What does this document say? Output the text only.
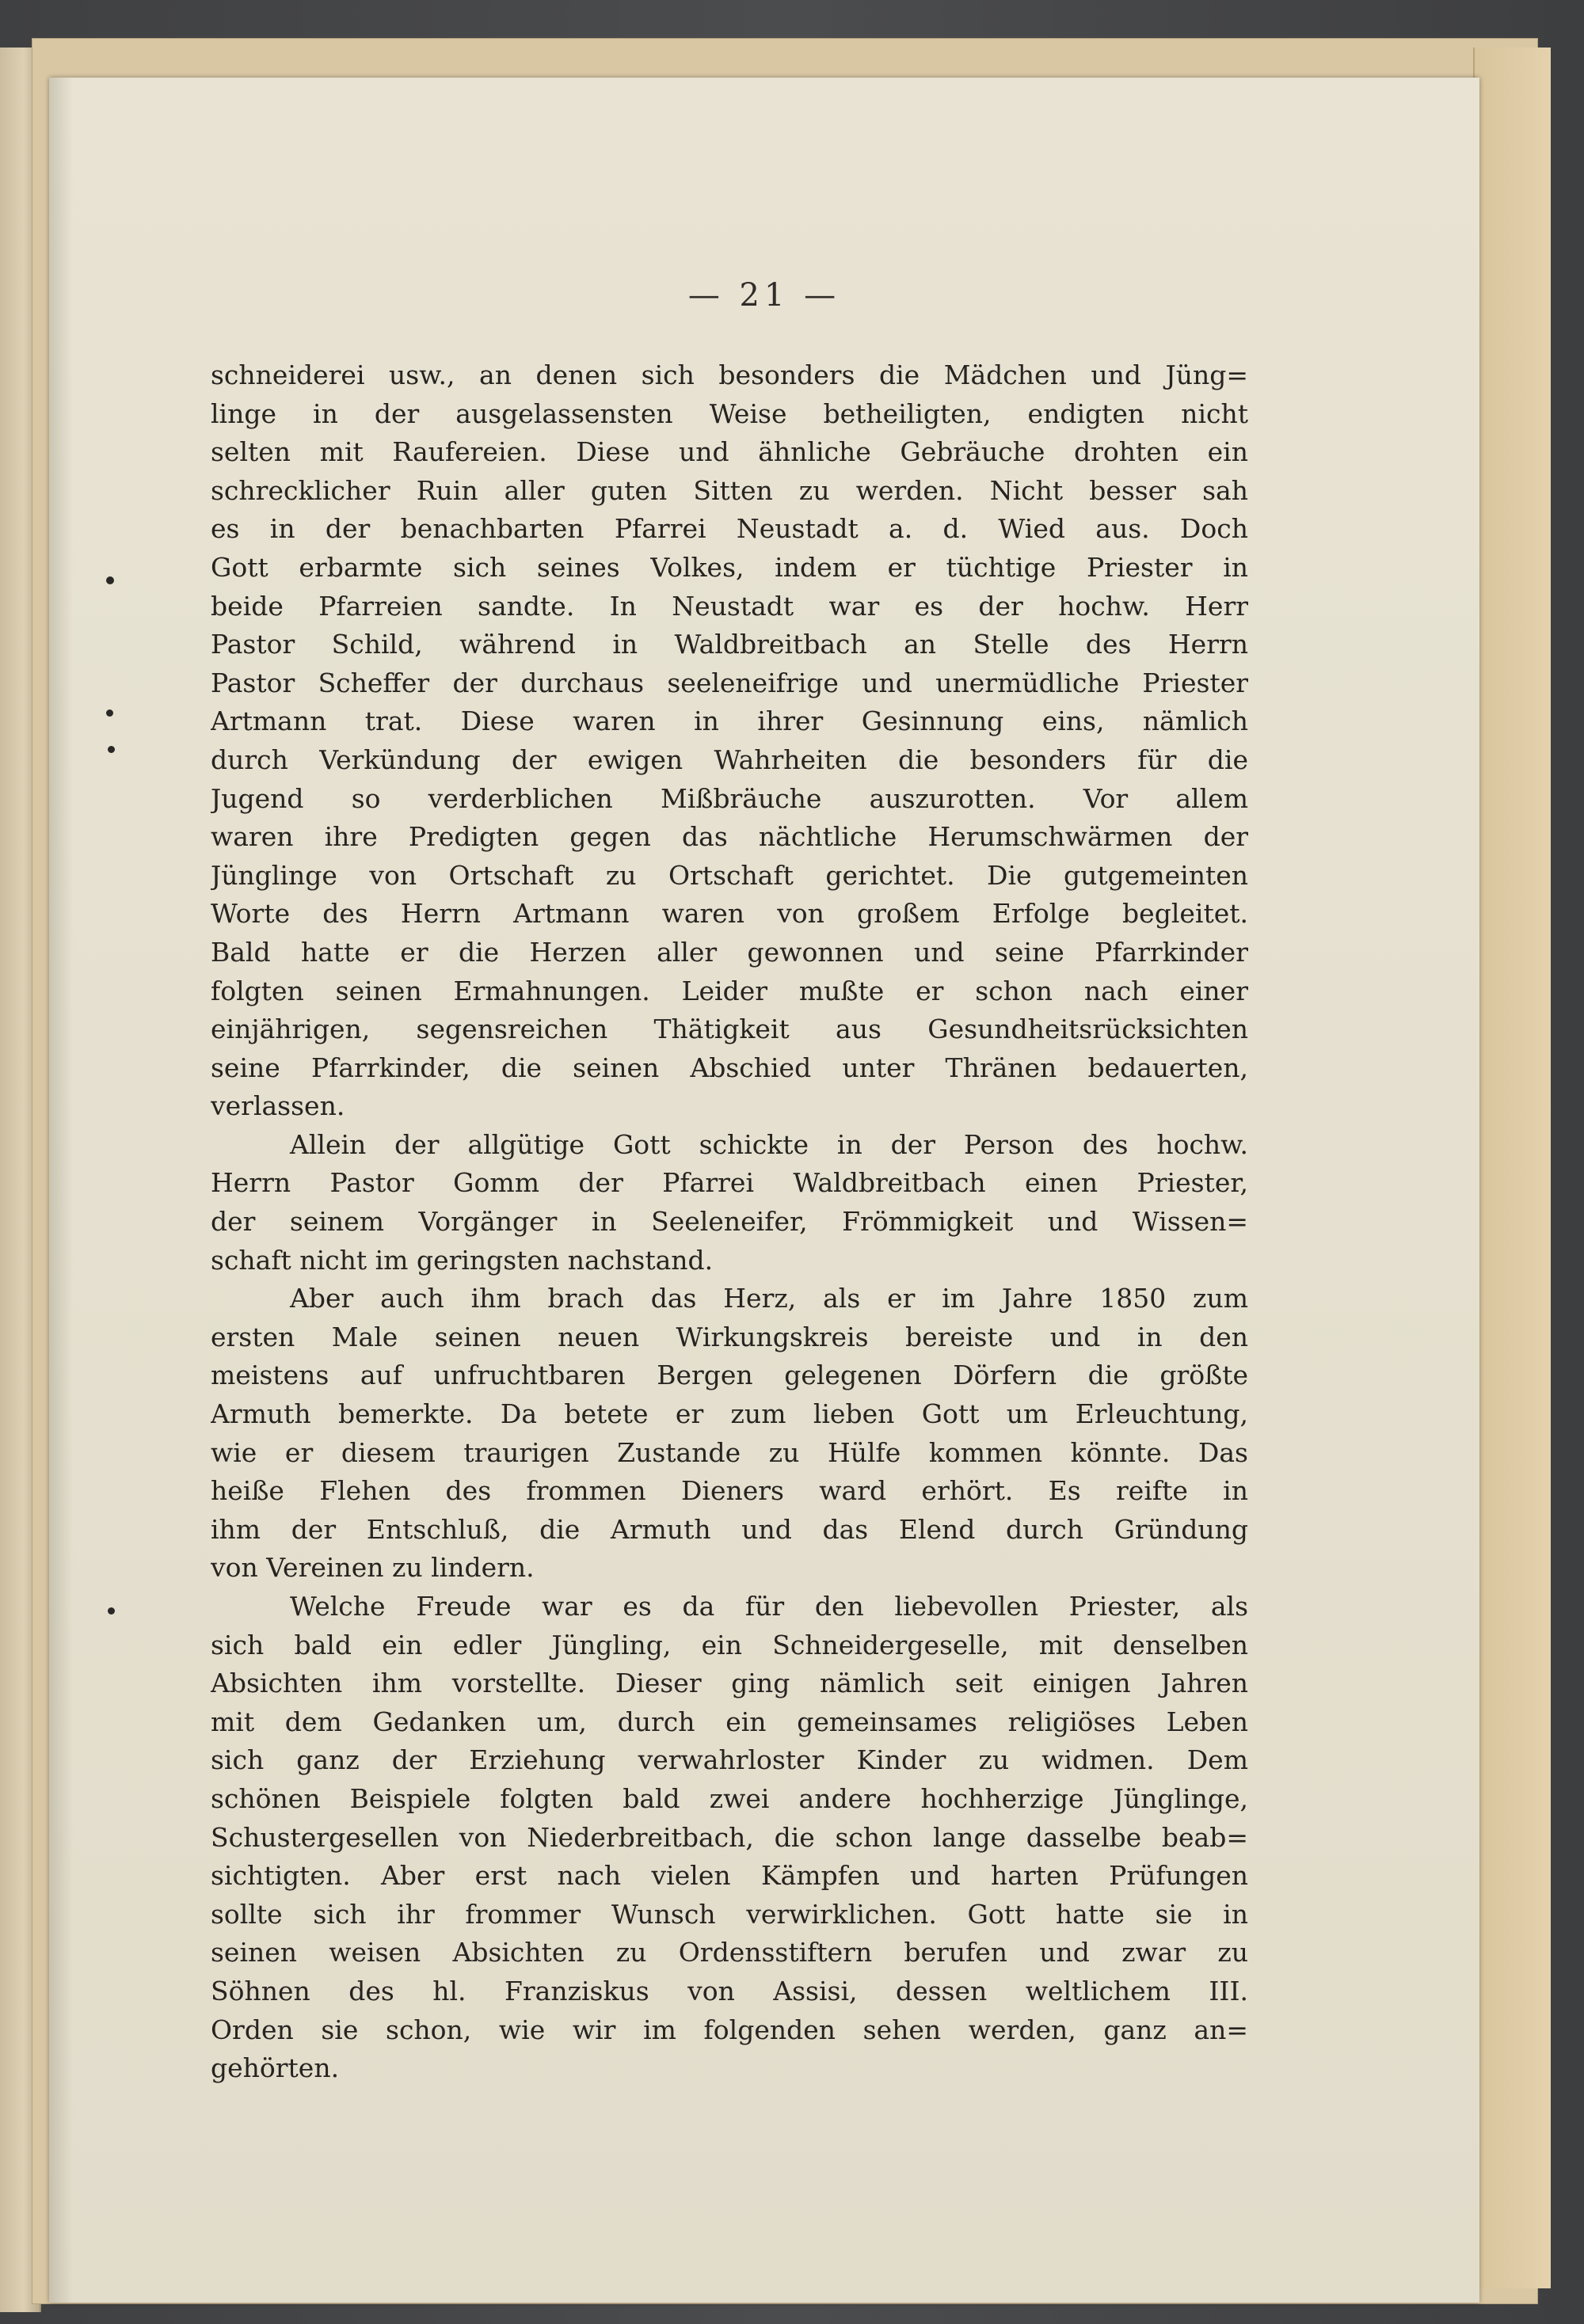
— 21 —
schneiderei usw., an denen sich besonders die Mädchen und Jüng=
linge in der ausgelassensten Weise betheiligten, endigten nicht
selten mit Raufereien. Diese und ähnliche Gebräuche drohten ein
schrecklicher Ruin aller guten Sitten zu werden. Nicht besser sah
es in der benachbarten Pfarrei Neustadt a. d. Wied aus. Doch
Gott erbarmte sich seines Volkes, indem er tüchtige Priester in
beide Pfarreien sandte. In Neustadt war es der hochw. Herr
Pastor Schild, während in Waldbreitbach an Stelle des Herrn
Pastor Scheffer der durchaus seeleneifrige und unermüdliche Priester
Artmann trat. Diese waren in ihrer Gesinnung eins, nämlich
durch Verkündung der ewigen Wahrheiten die besonders für die
Jugend so verderblichen Mißbräuche auszurotten. Vor allem
waren ihre Predigten gegen das nächtliche Herumschwärmen der
Jünglinge von Ortschaft zu Ortschaft gerichtet. Die gutgemeinten
Worte des Herrn Artmann waren von großem Erfolge begleitet.
Bald hatte er die Herzen aller gewonnen und seine Pfarrkinder
folgten seinen Ermahnungen. Leider mußte er schon nach einer
einjährigen, segensreichen Thätigkeit aus Gesundheitsrücksichten
seine Pfarrkinder, die seinen Abschied unter Thränen bedauerten,
verlassen.
Allein der allgütige Gott schickte in der Person des hochw.
Herrn Pastor Gomm der Pfarrei Waldbreitbach einen Priester,
der seinem Vorgänger in Seeleneifer, Frömmigkeit und Wissen=
schaft nicht im geringsten nachstand.
Aber auch ihm brach das Herz, als er im Jahre 1850 zum
ersten Male seinen neuen Wirkungskreis bereiste und in den
meistens auf unfruchtbaren Bergen gelegenen Dörfern die größte
Armuth bemerkte. Da betete er zum lieben Gott um Erleuchtung,
wie er diesem traurigen Zustande zu Hülfe kommen könnte. Das
heiße Flehen des frommen Dieners ward erhört. Es reifte in
ihm der Entschluß, die Armuth und das Elend durch Gründung
von Vereinen zu lindern.
Welche Freude war es da für den liebevollen Priester, als
sich bald ein edler Jüngling, ein Schneidergeselle, mit denselben
Absichten ihm vorstellte. Dieser ging nämlich seit einigen Jahren
mit dem Gedanken um, durch ein gemeinsames religiöses Leben
sich ganz der Erziehung verwahrloster Kinder zu widmen. Dem
schönen Beispiele folgten bald zwei andere hochherzige Jünglinge,
Schustergesellen von Niederbreitbach, die schon lange dasselbe beab=
sichtigten. Aber erst nach vielen Kämpfen und harten Prüfungen
sollte sich ihr frommer Wunsch verwirklichen. Gott hatte sie in
seinen weisen Absichten zu Ordensstiftern berufen und zwar zu
Söhnen des hl. Franziskus von Assisi, dessen weltlichem III.
Orden sie schon, wie wir im folgenden sehen werden, ganz an=
gehörten.
